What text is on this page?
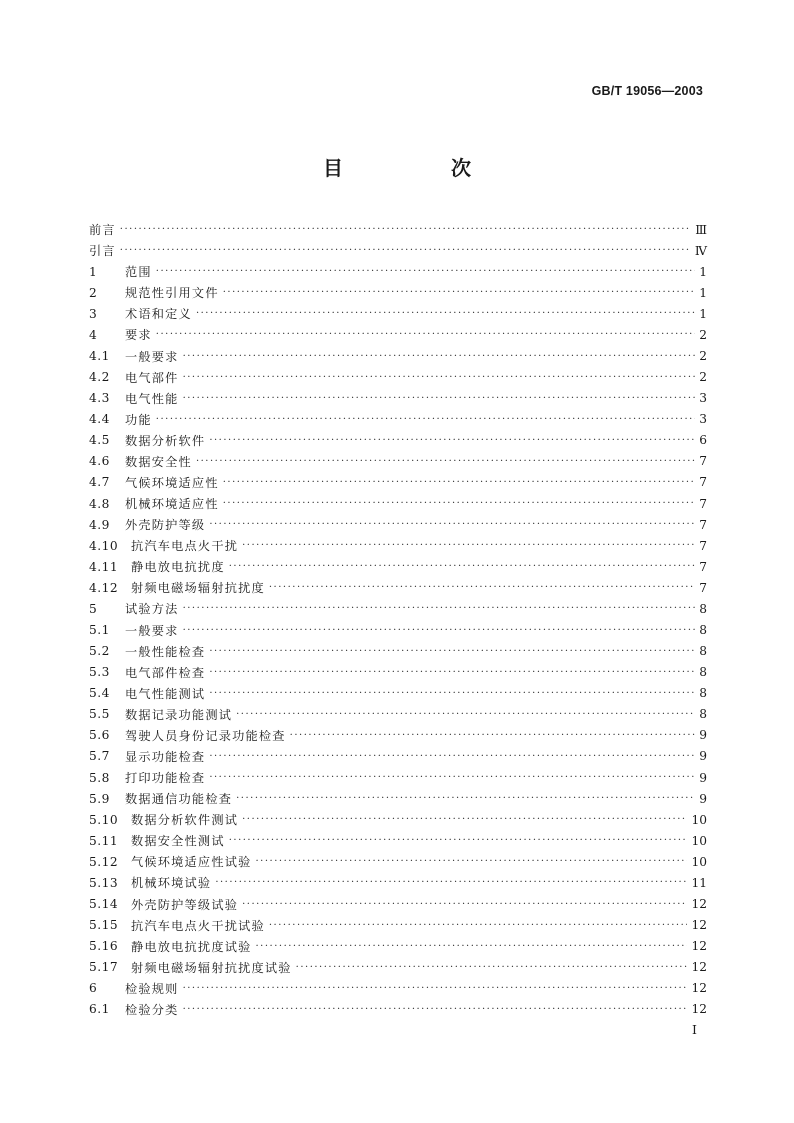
GB/T 19056—2003
目　次
前言 ·····	Ⅲ
引言 ·····	Ⅳ
1	范围 ·····	1
2	规范性引用文件 ·····	1
3	术语和定义 ·····	1
4	要求 ·····	2
4.1	一般要求 ·····	2
4.2	电气部件 ·····	2
4.3	电气性能 ·····	3
4.4	功能 ·····	3
4.5	数据分析软件 ·····	6
4.6	数据安全性 ·····	7
4.7	气候环境适应性 ·····	7
4.8	机械环境适应性 ·····	7
4.9	外壳防护等级 ·····	7
4.10	抗汽车电点火干扰 ·····	7
4.11	静电放电抗扰度 ·····	7
4.12	射频电磁场辐射抗扰度 ·····	7
5	试验方法 ·····	8
5.1	一般要求 ·····	8
5.2	一般性能检查 ·····	8
5.3	电气部件检查 ·····	8
5.4	电气性能测试 ·····	8
5.5	数据记录功能测试 ·····	8
5.6	驾驶人员身份记录功能检查 ·····	9
5.7	显示功能检查 ·····	9
5.8	打印功能检查 ·····	9
5.9	数据通信功能检查 ·····	9
5.10	数据分析软件测试 ·····	10
5.11	数据安全性测试 ·····	10
5.12	气候环境适应性试验 ·····	10
5.13	机械环境试验 ·····	11
5.14	外壳防护等级试验 ·····	12
5.15	抗汽车电点火干扰试验 ·····	12
5.16	静电放电抗扰度试验 ·····	12
5.17	射频电磁场辐射抗扰度试验 ·····	12
6	检验规则 ·····	12
6.1	检验分类 ·····	12
I
